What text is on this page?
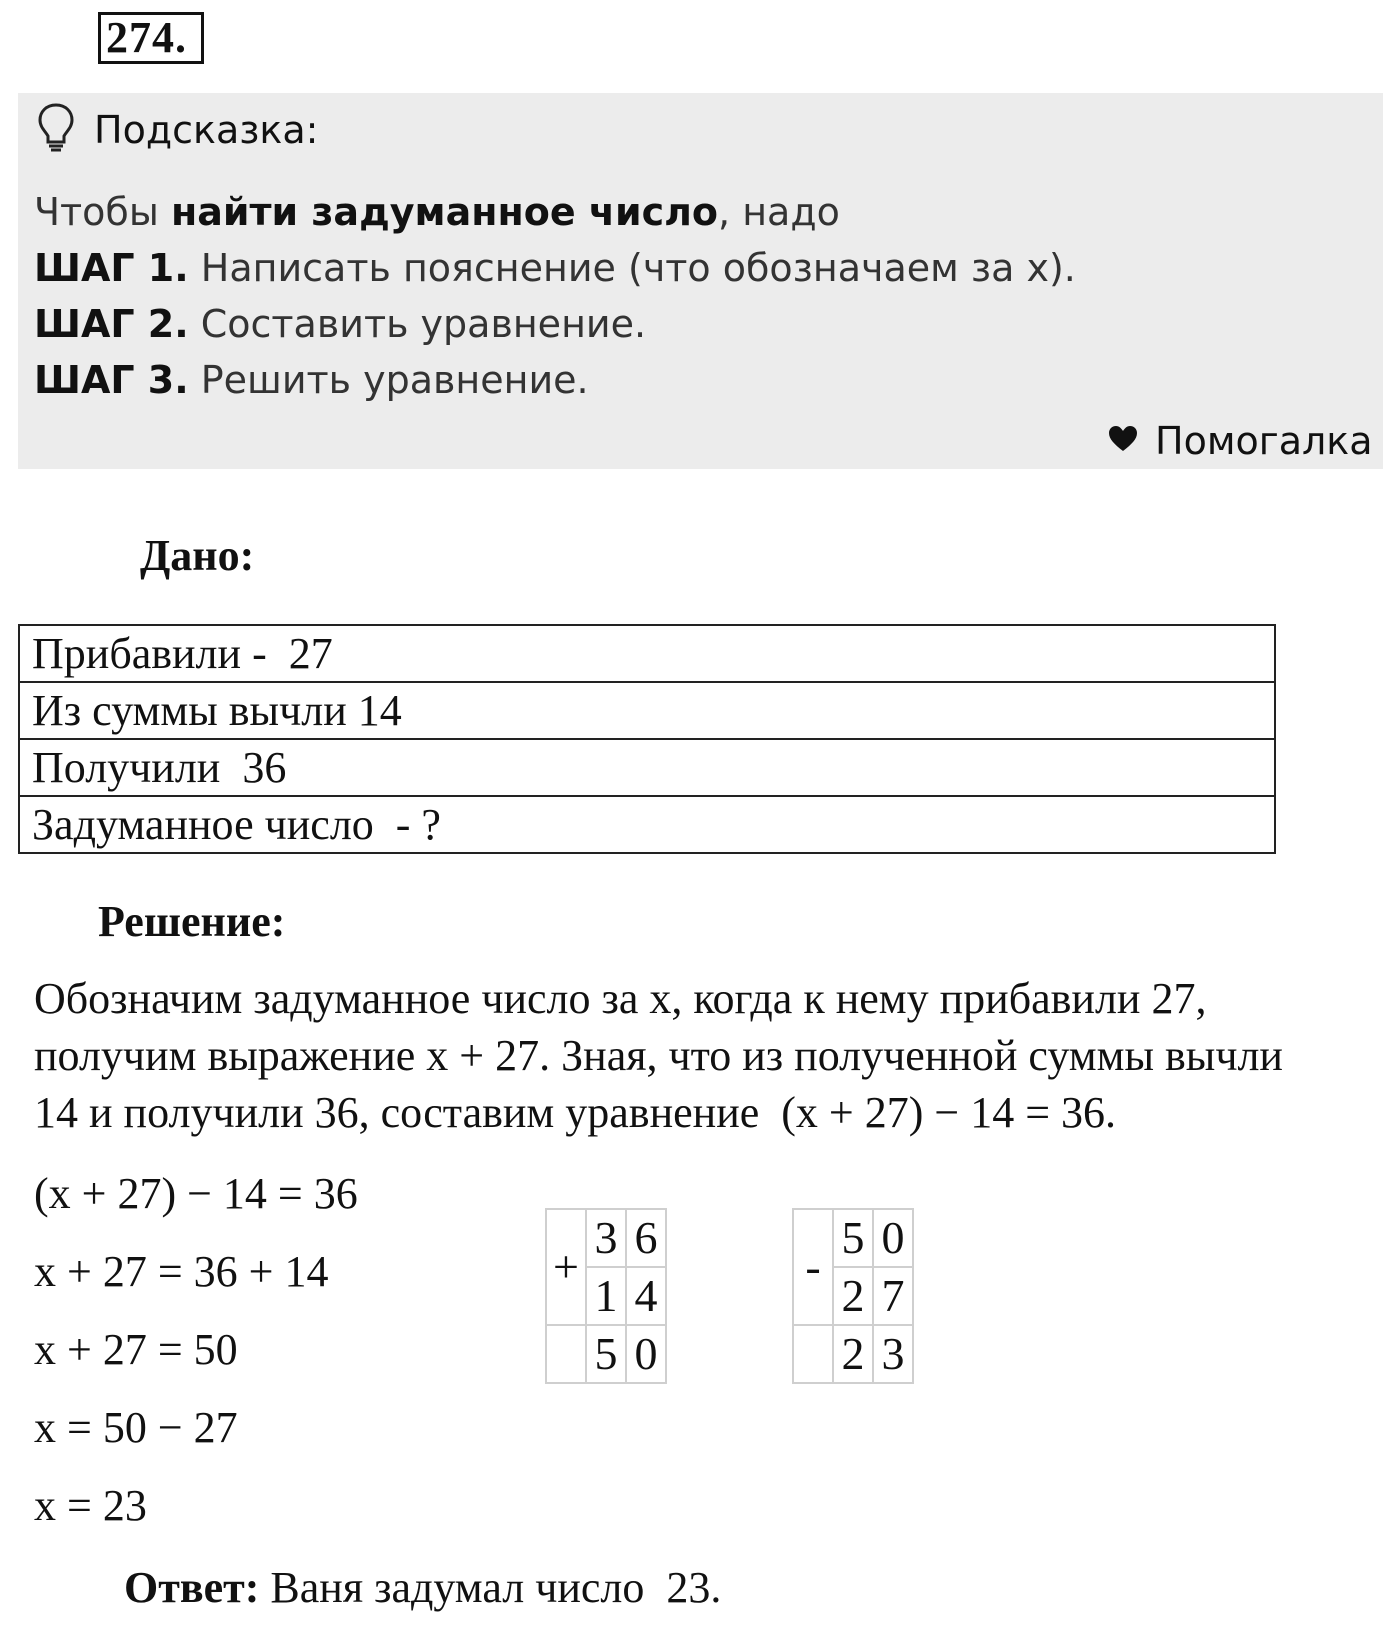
274.
Подсказка:
Чтобы найти задуманное число, надо
ШАГ 1. Написать пояснение (что обозначаем за x).
ШАГ 2. Составить уравнение.
ШАГ 3. Решить уравнение.
Помогалка
Дано:
Прибавили -  27
Из суммы вычли 14
Получили  36
Задуманное число  - ?
Решение:
Обозначим задуманное число за x, когда к нему прибавили 27,
получим выражение x + 27. Зная, что из полученной суммы вычли
14 и получили 36, составим уравнение  (x + 27) − 14 = 36.
(x + 27) − 14 = 36
x + 27 = 36 + 14
x + 27 = 50
x = 50 − 27
x = 23
+	3	6
	1	4
	5	0
-	5	0
	2	7
	2	3
Ответ: Ваня задумал число  23.
